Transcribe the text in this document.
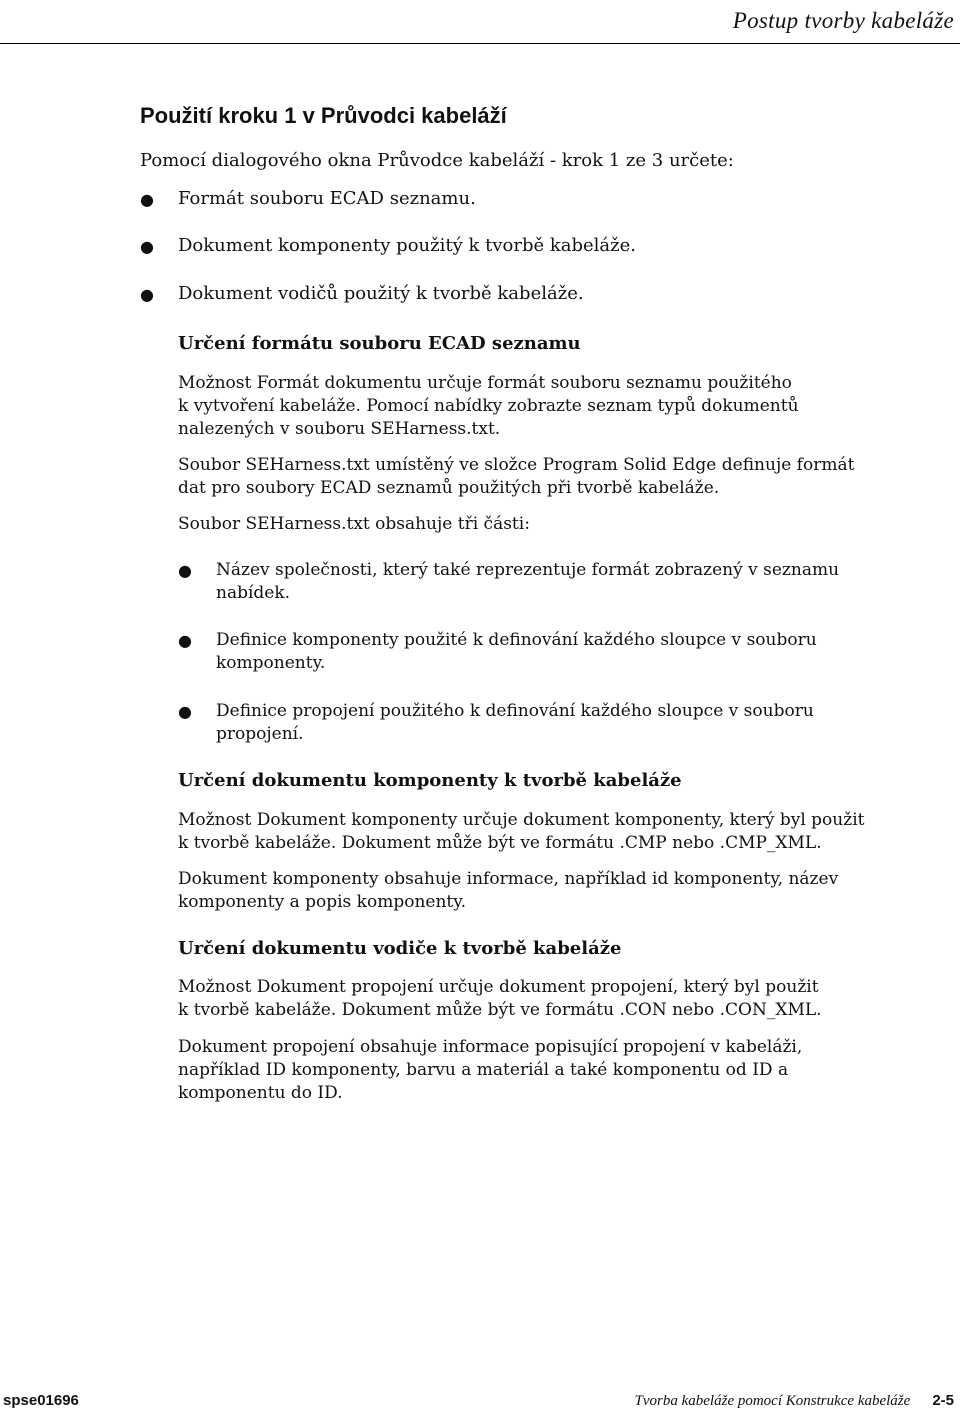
Postup tvorby kabeláže
Použití kroku 1 v Průvodci kabeláží
Pomocí dialogového okna Průvodce kabeláží - krok 1 ze 3 určete:
● Formát souboru ECAD seznamu.
● Dokument komponenty použitý k tvorbě kabeláže.
● Dokument vodičů použitý k tvorbě kabeláže.
Určení formátu souboru ECAD seznamu
Možnost Formát dokumentu určuje formát souboru seznamu použitého
k vytvoření kabeláže. Pomocí nabídky zobrazte seznam typů dokumentů
nalezených v souboru SEHarness.txt.
Soubor SEHarness.txt umístěný ve složce Program Solid Edge definuje formát
dat pro soubory ECAD seznamů použitých při tvorbě kabeláže.
Soubor SEHarness.txt obsahuje tři části:
● Název společnosti, který také reprezentuje formát zobrazený v seznamu
nabídek.
● Definice komponenty použité k definování každého sloupce v souboru
komponenty.
● Definice propojení použitého k definování každého sloupce v souboru
propojení.
Určení dokumentu komponenty k tvorbě kabeláže
Možnost Dokument komponenty určuje dokument komponenty, který byl použit
k tvorbě kabeláže. Dokument může být ve formátu .CMP nebo .CMP_XML.
Dokument komponenty obsahuje informace, například id komponenty, název
komponenty a popis komponenty.
Určení dokumentu vodiče k tvorbě kabeláže
Možnost Dokument propojení určuje dokument propojení, který byl použit
k tvorbě kabeláže. Dokument může být ve formátu .CON nebo .CON_XML.
Dokument propojení obsahuje informace popisující propojení v kabeláži,
například ID komponenty, barvu a materiál a také komponentu od ID a
komponentu do ID.
spse01696	Tvorba kabeláže pomocí Konstrukce kabeláže 2-5
